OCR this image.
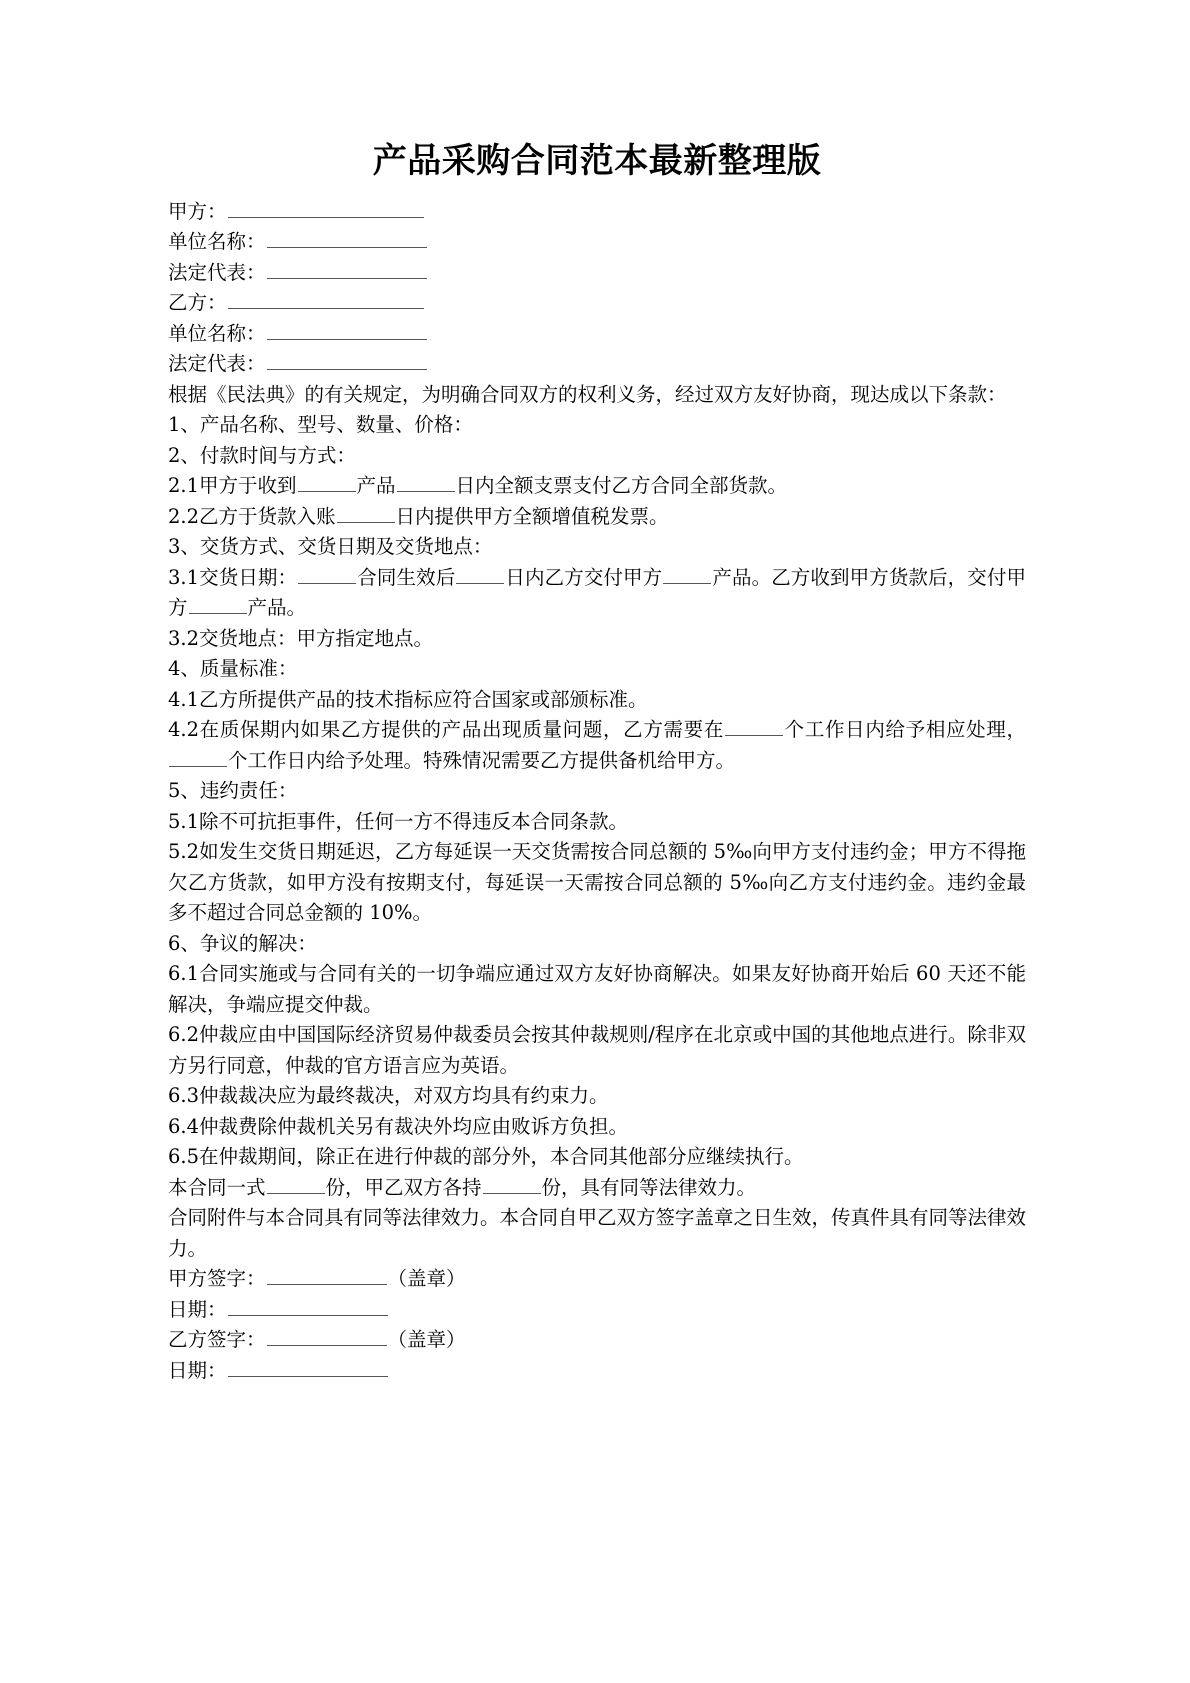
产品采购合同范本最新整理版

甲方：

单位名称：

法定代表：

乙方：

单位名称：

法定代表：

根据《民法典》的有关规定，为明确合同双方的权利义务，经过双方友好协商，现达成以下条款：

1、产品名称、型号、数量、价格：

2、付款时间与方式：

2.1甲方于收到	产品	日内全额支票支付乙方合同全部货款。

2.2乙方于货款入账	日内提供甲方全额增值税发票。

3、交货方式、交货日期及交货地点：

3.1交货日期：	合同生效后	日内乙方交付甲方	产品。乙方收到甲方货款后，交付甲方	产品。

3.2交货地点：甲方指定地点。

4、质量标准：

4.1乙方所提供产品的技术指标应符合国家或部颁标准。

4.2在质保期内如果乙方提供的产品出现质量问题，乙方需要在	个工作日内给予相应处理，个工作日内给予处理。特殊情况需要乙方提供备机给甲方。

5、违约责任：

5.1除不可抗拒事件，任何一方不得违反本合同条款。

5.2如发生交货日期延迟，乙方每延误一天交货需按合同总额的 5‰向甲方支付违约金；甲方不得拖欠乙方货款，如甲方没有按期支付，每延误一天需按合同总额的 5‰向乙方支付违约金。违约金最多不超过合同总金额的 10%。

6、争议的解决：

6.1合同实施或与合同有关的一切争端应通过双方友好协商解决。如果友好协商开始后 60 天还不能解决，争端应提交仲裁。

6.2仲裁应由中国国际经济贸易仲裁委员会按其仲裁规则/程序在北京或中国的其他地点进行。除非双方另行同意，仲裁的官方语言应为英语。

6.3仲裁裁决应为最终裁决，对双方均具有约束力。

6.4仲裁费除仲裁机关另有裁决外均应由败诉方负担。

6.5在仲裁期间，除正在进行仲裁的部分外，本合同其他部分应继续执行。

本合同一式	份，甲乙双方各持	份，具有同等法律效力。

合同附件与本合同具有同等法律效力。本合同自甲乙双方签字盖章之日生效，传真件具有同等法律效力。

甲方签字：	（盖章）

日期：

乙方签字：	（盖章）

日期：
